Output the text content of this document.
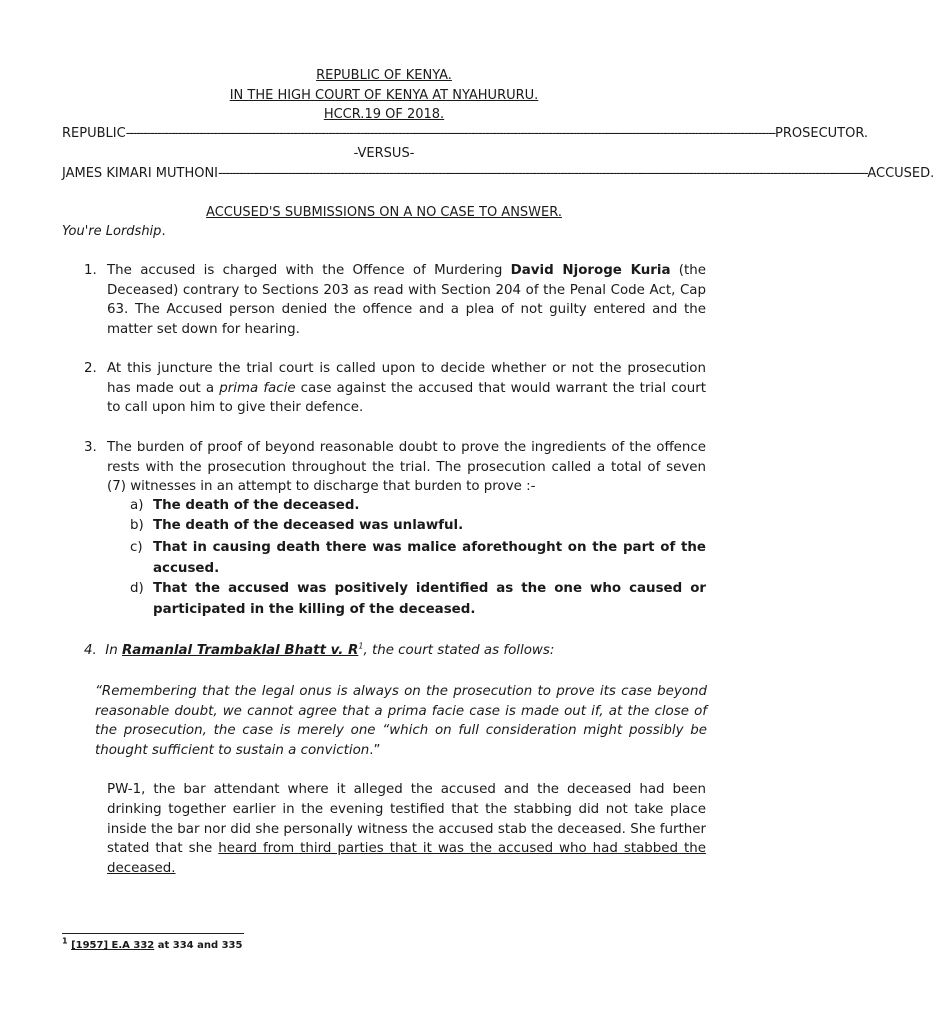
REPUBLIC OF KENYA.
IN THE HIGH COURT OF KENYA AT NYAHURURU.
HCCR.19 OF 2018.
REPUBLIC ------------------------------------------------------------------------------------------------------------------------------------------------------------------------------------------ PROSECUTOR.
-VERSUS-
JAMES KIMARI MUTHONI ------------------------------------------------------------------------------------------------------------------------------------------------------------------------------------------ ACCUSED.
ACCUSED'S SUBMISSIONS ON A NO CASE TO ANSWER.
You're Lordship.
1. The accused is charged with the Offence of Murdering David Njoroge Kuria (the Deceased) contrary to Sections 203 as read with Section 204 of the Penal Code Act, Cap 63. The Accused person denied the offence and a plea of not guilty entered and the matter set down for hearing.
2. At this juncture the trial court is called upon to decide whether or not the prosecution has made out a prima facie case against the accused that would warrant the trial court to call upon him to give their defence.
3. The burden of proof of beyond reasonable doubt to prove the ingredients of the offence rests with the prosecution throughout the trial. The prosecution called a total of seven (7) witnesses in an attempt to discharge that burden to prove :-
a) The death of the deceased.
b) The death of the deceased was unlawful.
c) That in causing death there was malice aforethought on the part of the accused.
d) That the accused was positively identified as the one who caused or participated in the killing of the deceased.
4. In Ramanlal Trambaklal Bhatt v. $R^1$, the court stated as follows:
“Remembering that the legal onus is always on the prosecution to prove its case beyond reasonable doubt, we cannot agree that a prima facie case is made out if, at the close of the prosecution, the case is merely one “which on full consideration might possibly be thought sufficient to sustain a conviction.”
PW-1, the bar attendant where it alleged the accused and the deceased had been drinking together earlier in the evening testified that the stabbing did not take place inside the bar nor did she personally witness the accused stab the deceased. She further stated that she heard from third parties that it was the accused who had stabbed the deceased.
$^1$ [1957] E.A 332 at 334 and 335
